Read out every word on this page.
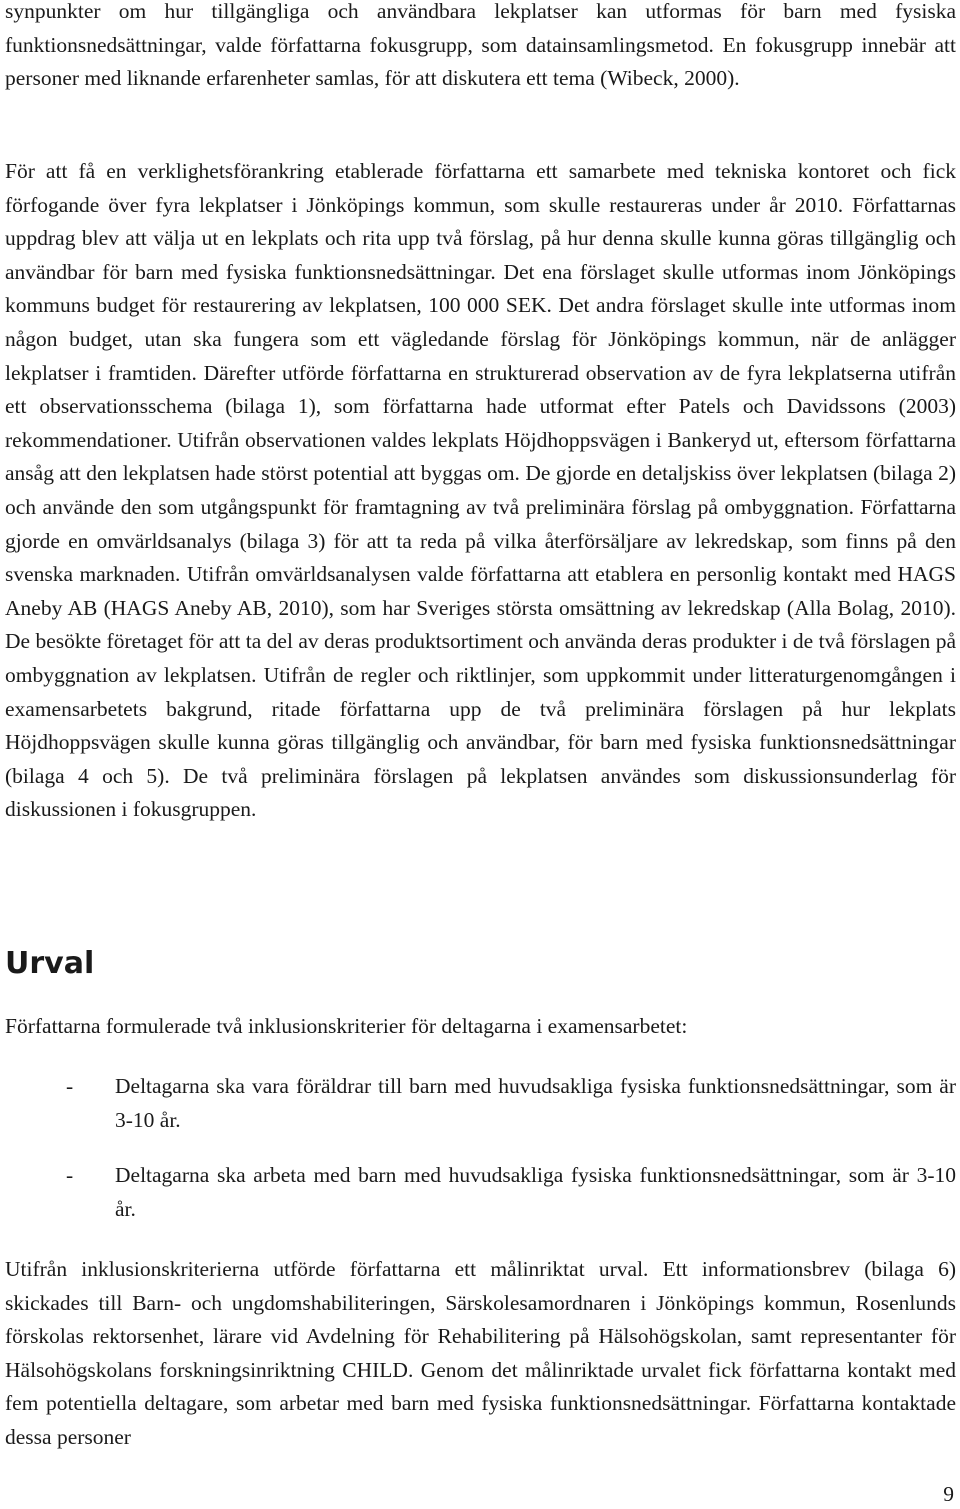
synpunkter om hur tillgängliga och användbara lekplatser kan utformas för barn med fysiska funktionsnedsättningar, valde författarna fokusgrupp, som datainsamlingsmetod. En fokusgrupp innebär att personer med liknande erfarenheter samlas, för att diskutera ett tema (Wibeck, 2000).

För att få en verklighetsförankring etablerade författarna ett samarbete med tekniska kontoret och fick förfogande över fyra lekplatser i Jönköpings kommun, som skulle restaureras under år 2010. Författarnas uppdrag blev att välja ut en lekplats och rita upp två förslag, på hur denna skulle kunna göras tillgänglig och användbar för barn med fysiska funktionsnedsättningar. Det ena förslaget skulle utformas inom Jönköpings kommuns budget för restaurering av lekplatsen, 100 000 SEK. Det andra förslaget skulle inte utformas inom någon budget, utan ska fungera som ett vägledande förslag för Jönköpings kommun, när de anlägger lekplatser i framtiden. Därefter utförde författarna en strukturerad observation av de fyra lekplatserna utifrån ett observationsschema (bilaga 1), som författarna hade utformat efter Patels och Davidssons (2003) rekommendationer. Utifrån observationen valdes lekplats Höjdhoppsvägen i Bankeryd ut, eftersom författarna ansåg att den lekplatsen hade störst potential att byggas om. De gjorde en detaljskiss över lekplatsen (bilaga 2) och använde den som utgångspunkt för framtagning av två preliminära förslag på ombyggnation. Författarna gjorde en omvärldsanalys (bilaga 3) för att ta reda på vilka återförsäljare av lekredskap, som finns på den svenska marknaden. Utifrån omvärldsanalysen valde författarna att etablera en personlig kontakt med HAGS Aneby AB (HAGS Aneby AB, 2010), som har Sveriges största omsättning av lekredskap (Alla Bolag, 2010). De besökte företaget för att ta del av deras produktsortiment och använda deras produkter i de två förslagen på ombyggnation av lekplatsen. Utifrån de regler och riktlinjer, som uppkommit under litteraturgenomgången i examensarbetets bakgrund, ritade författarna upp de två preliminära förslagen på hur lekplats Höjdhoppsvägen skulle kunna göras tillgänglig och användbar, för barn med fysiska funktionsnedsättningar (bilaga 4 och 5). De två preliminära förslagen på lekplatsen användes som diskussionsunderlag för diskussionen i fokusgruppen.

Urval

Författarna formulerade två inklusionskriterier för deltagarna i examensarbetet:

- Deltagarna ska vara föräldrar till barn med huvudsakliga fysiska funktionsnedsättningar, som är 3-10 år.
- Deltagarna ska arbeta med barn med huvudsakliga fysiska funktionsnedsättningar, som är 3-10 år.

Utifrån inklusionskriterierna utförde författarna ett målinriktat urval. Ett informationsbrev (bilaga 6) skickades till Barn- och ungdomshabiliteringen, Särskolesamordnaren i Jönköpings kommun, Rosenlunds förskolas rektorsenhet, lärare vid Avdelning för Rehabilitering på Hälsohögskolan, samt representanter för Hälsohögskolans forskningsinriktning CHILD. Genom det målinriktade urvalet fick författarna kontakt med fem potentiella deltagare, som arbetar med barn med fysiska funktionsnedsättningar. Författarna kontaktade dessa personer

9
